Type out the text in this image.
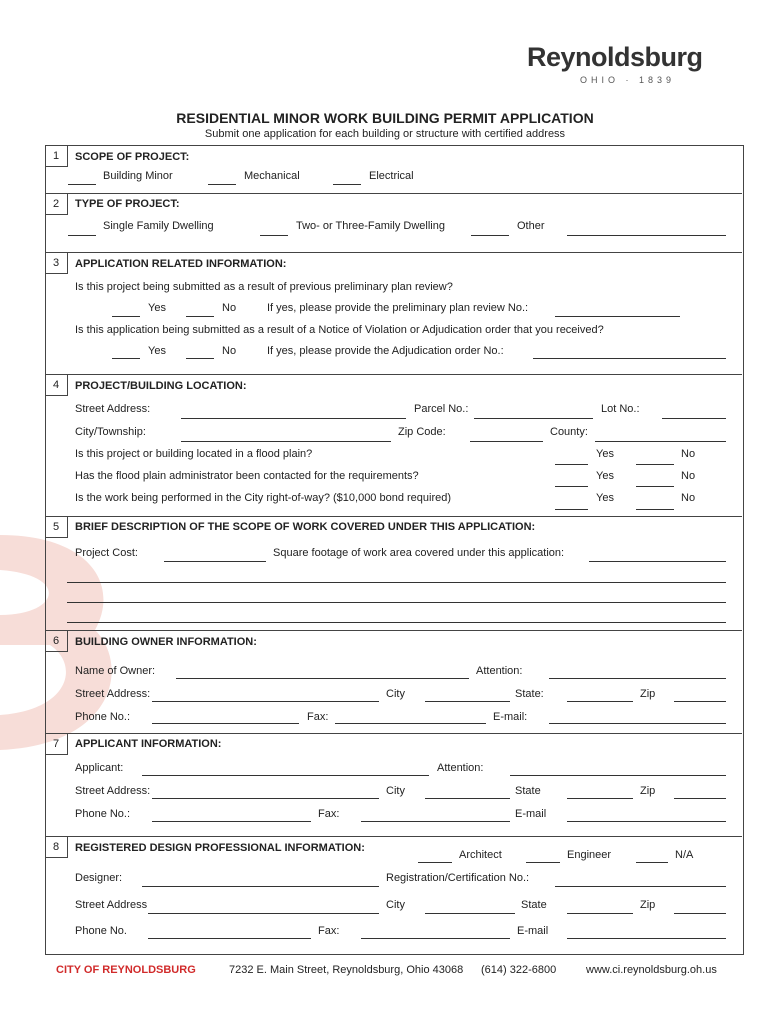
Reynoldsburg
OHIO · 1839
RESIDENTIAL MINOR WORK BUILDING PERMIT APPLICATION
Submit one application for each building or structure with certified address
1	SCOPE OF PROJECT:
Building Minor	Mechanical	Electrical
2	TYPE OF PROJECT:
Single Family Dwelling	Two- or Three-Family Dwelling	Other
3	APPLICATION RELATED INFORMATION:
Is this project being submitted as a result of previous preliminary plan review?
Yes	No	If yes, please provide the preliminary plan review No.:
Is this application being submitted as a result of a Notice of Violation or Adjudication order that you received?
Yes	No	If yes, please provide the Adjudication order No.:
4	PROJECT/BUILDING LOCATION:
Street Address:	Parcel No.:	Lot No.:
City/Township:	Zip Code:	County:
Is this project or building located in a flood plain?	Yes	No
Has the flood plain administrator been contacted for the requirements?	Yes	No
Is the work being performed in the City right-of-way? ($10,000 bond required)	Yes	No
5	BRIEF DESCRIPTION OF THE SCOPE OF WORK COVERED UNDER THIS APPLICATION:
Project Cost:	Square footage of work area covered under this application:
6	BUILDING OWNER INFORMATION:
Name of Owner:	Attention:
Street Address:	City	State:	Zip
Phone No.:	Fax:	E-mail:
7	APPLICANT INFORMATION:
Applicant:	Attention:
Street Address:	City	State	Zip
Phone No.:	Fax:	E-mail
8	REGISTERED DESIGN PROFESSIONAL INFORMATION:
Architect	Engineer	N/A
Designer:	Registration/Certification No.:
Street Address	City	State	Zip
Phone No.	Fax:	E-mail
CITY OF REYNOLDSBURG	7232 E. Main Street, Reynoldsburg, Ohio 43068 (614) 322-6800	www.ci.reynoldsburg.oh.us
